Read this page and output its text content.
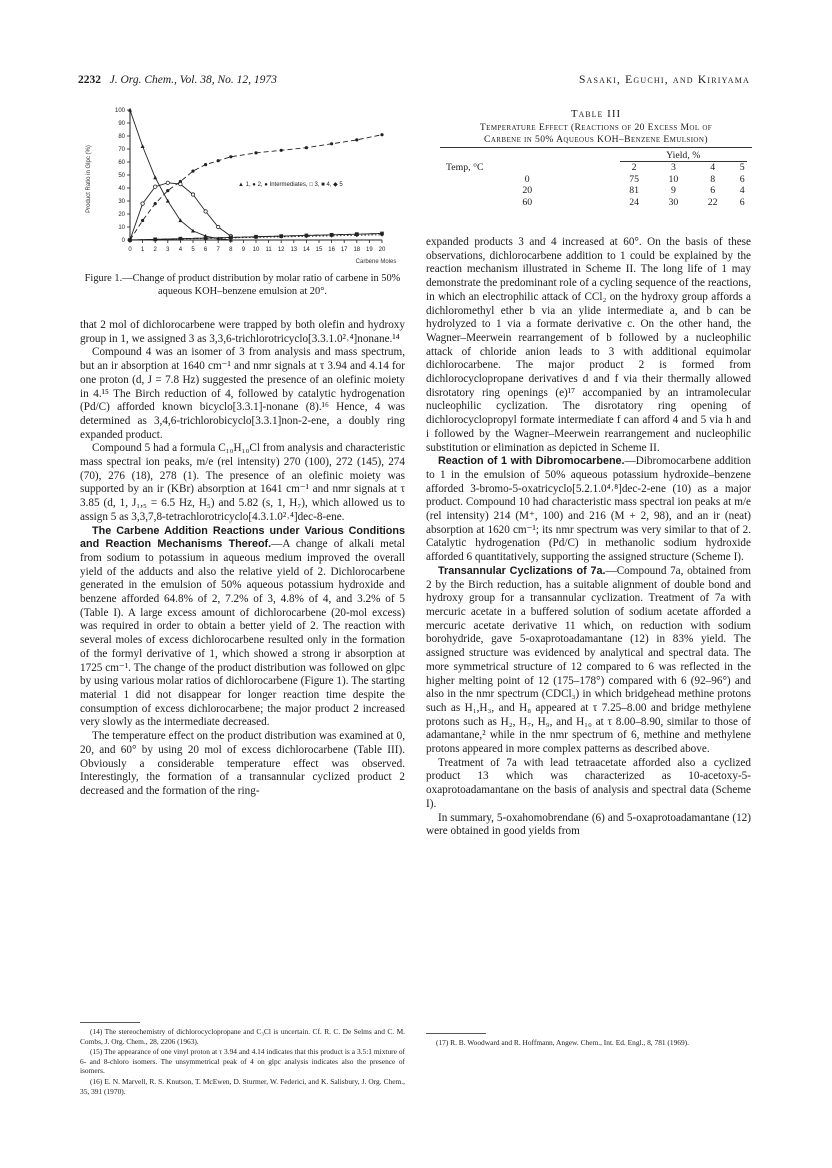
2232 J. Org. Chem., Vol. 38, No. 12, 1973	Sasaki, Eguchi, and Kiriyama
0 1 2 3 4 5 6 7 8 9 10 11 12 13 14 15 16 17 18 19 20
0
10
20
30
40
50
60
70
80
90
100
Product Ratio in Glpc (%)
Carbene Moles
▲ 1, ● 2, ● Intermediates, □ 3, ■ 4, ◆ 5
Figure 1.—Change of product distribution by molar ratio of carbene in 50% aqueous KOH–benzene emulsion at 20°.
Table III
Temperature Effect (Reactions of 20 Excess Mol of
Carbene in 50% Aqueous KOH–Benzene Emulsion)
	Yield, %			
Temp, °C	2	3	4	5
0	75	10	8	6
20	81	9	6	4
60	24	30	22	6

that 2 mol of dichlorocarbene were trapped by both olefin and hydroxy group in 1, we assigned 3 as 3,3,6-trichlorotricyclo[3.3.1.0²˒⁴]nonane.¹⁴

Compound 4 was an isomer of 3 from analysis and mass spectrum, but an ir absorption at 1640 cm⁻¹ and nmr signals at τ 3.94 and 4.14 for one proton (d, J = 7.8 Hz) suggested the presence of an olefinic moiety in 4.¹⁵ The Birch reduction of 4, followed by catalytic hydrogenation (Pd/C) afforded known bicyclo[3.3.1]-nonane (8).¹⁶ Hence, 4 was determined as 3,4,6-trichlorobicyclo[3.3.1]non-2-ene, a doubly ring expanded product.

Compound 5 had a formula C₁₀H₁₀Cl from analysis and characteristic mass spectral ion peaks, m/e (rel intensity) 270 (100), 272 (145), 274 (70), 276 (18), 278 (1). The presence of an olefinic moiety was supported by an ir (KBr) absorption at 1641 cm⁻¹ and nmr signals at τ 3.85 (d, 1, J₁,₅ = 6.5 Hz, H₅) and 5.82 (s, 1, H₇), which allowed us to assign 5 as 3,3,7,8-tetrachlorotricyclo[4.3.1.0²˒⁴]dec-8-ene.

The Carbene Addition Reactions under Various Conditions and Reaction Mechanisms Thereof.—A change of alkali metal from sodium to potassium in aqueous medium improved the overall yield of the adducts and also the relative yield of 2. Dichlorocarbene generated in the emulsion of 50% aqueous potassium hydroxide and benzene afforded 64.8% of 2, 7.2% of 3, 4.8% of 4, and 3.2% of 5 (Table I). A large excess amount of dichlorocarbene (20-mol excess) was required in order to obtain a better yield of 2. The reaction with several moles of excess dichlorocarbene resulted only in the formation of the formyl derivative of 1, which showed a strong ir absorption at 1725 cm⁻¹. The change of the product distribution was followed on glpc by using various molar ratios of dichlorocarbene (Figure 1). The starting material 1 did not disappear for longer reaction time despite the consumption of excess dichlorocarbene; the major product 2 increased very slowly as the intermediate decreased.

The temperature effect on the product distribution was examined at 0, 20, and 60° by using 20 mol of excess dichlorocarbene (Table III). Obviously a considerable temperature effect was observed. Interestingly, the formation of a transannular cyclized product 2 decreased and the formation of the ring-

expanded products 3 and 4 increased at 60°. On the basis of these observations, dichlorocarbene addition to 1 could be explained by the reaction mechanism illustrated in Scheme II. The long life of 1 may demonstrate the predominant role of a cycling sequence of the reactions, in which an electrophilic attack of CCl₂ on the hydroxy group affords a dichloromethyl ether b via an ylide intermediate a, and b can be hydrolyzed to 1 via a formate derivative c. On the other hand, the Wagner–Meerwein rearrangement of b followed by a nucleophilic attack of chloride anion leads to 3 with additional equimolar dichlorocarbene. The major product 2 is formed from dichlorocyclopropane derivatives d and f via their thermally allowed disrotatory ring openings (e)¹⁷ accompanied by an intramolecular nucleophilic cyclization. The disrotatory ring opening of dichlorocyclopropyl formate intermediate f can afford 4 and 5 via h and i followed by the Wagner–Meerwein rearrangement and nucleophilic substitution or elimination as depicted in Scheme II.

Reaction of 1 with Dibromocarbene.—Dibromocarbene addition to 1 in the emulsion of 50% aqueous potassium hydroxide–benzene afforded 3-bromo-5-oxatricyclo[5.2.1.0⁴˒⁸]dec-2-ene (10) as a major product. Compound 10 had characteristic mass spectral ion peaks at m/e (rel intensity) 214 (M⁺, 100) and 216 (M + 2, 98), and an ir (neat) absorption at 1620 cm⁻¹; its nmr spectrum was very similar to that of 2. Catalytic hydrogenation (Pd/C) in methanolic sodium hydroxide afforded 6 quantitatively, supporting the assigned structure (Scheme I).

Transannular Cyclizations of 7a.—Compound 7a, obtained from 2 by the Birch reduction, has a suitable alignment of double bond and hydroxy group for a transannular cyclization. Treatment of 7a with mercuric acetate in a buffered solution of sodium acetate afforded a mercuric acetate derivative 11 which, on reduction with sodium borohydride, gave 5-oxaprotoadamantane (12) in 83% yield. The assigned structure was evidenced by analytical and spectral data. The more symmetrical structure of 12 compared to 6 was reflected in the higher melting point of 12 (175–178°) compared with 6 (92–96°) and also in the nmr spectrum (CDCl₃) in which bridgehead methine protons such as H₁,H₃, and H₈ appeared at τ 7.25–8.00 and bridge methylene protons such as H₂, H₇, H₉, and H₁₀ at τ 8.00–8.90, similar to those of adamantane,² while in the nmr spectrum of 6, methine and methylene protons appeared in more complex patterns as described above.

Treatment of 7a with lead tetraacetate afforded also a cyclized product 13 which was characterized as 10-acetoxy-5-oxaprotoadamantane on the basis of analysis and spectral data (Scheme I).

In summary, 5-oxahomobrendane (6) and 5-oxaprotoadamantane (12) were obtained in good yields from

(14) The stereochemistry of dichlorocyclopropane and C₃Cl is uncertain. Cf. R. C. De Selms and C. M. Combs, J. Org. Chem., 28, 2206 (1963).

(15) The appearance of one vinyl proton at τ 3.94 and 4.14 indicates that this product is a 3.5:1 mixture of 6- and 8-chloro isomers. The unsymmetrical peak of 4 on glpc analysis indicates also the presence of isomers.

(16) E. N. Marvell, R. S. Knutson, T. McEwen, D. Sturmer, W. Federici, and K. Salisbury, J. Org. Chem., 35, 391 (1970).

(17) R. B. Woodward and R. Hoffmann, Angew. Chem., Int. Ed. Engl., 8, 781 (1969).
